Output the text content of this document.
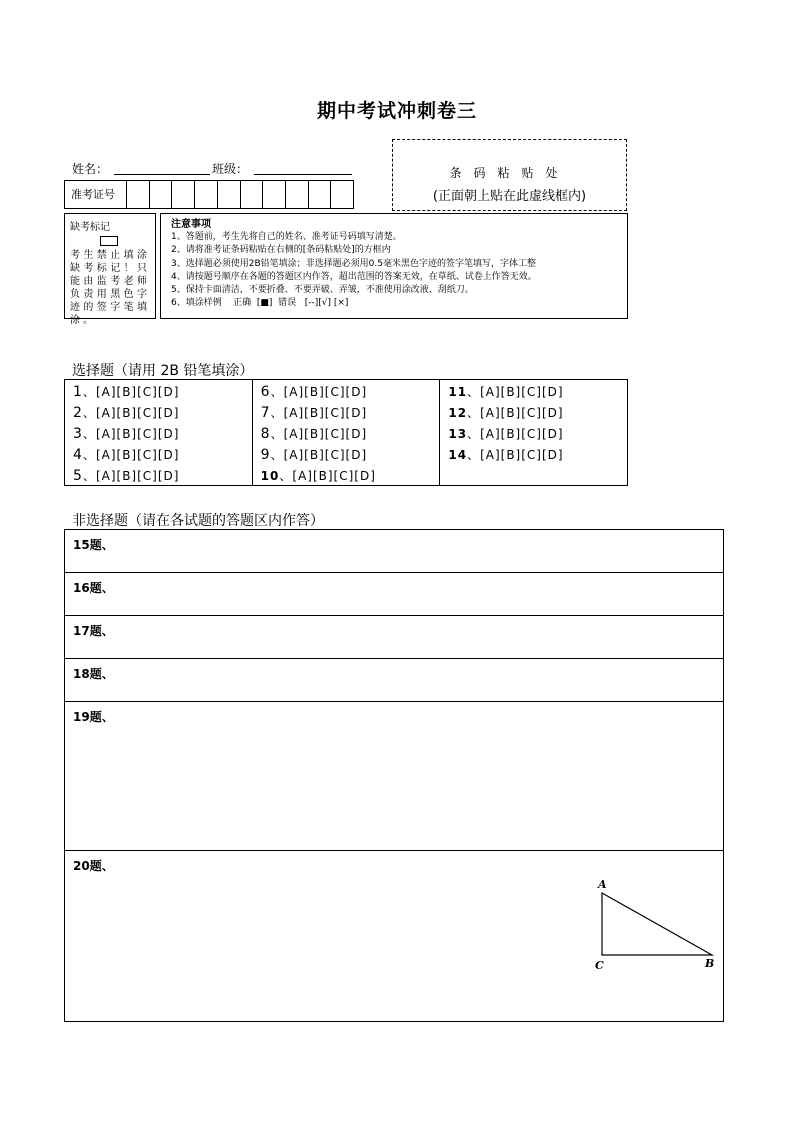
期中考试冲刺卷三
姓名：	班级：
准考证号
条码粘贴处
(正面朝上贴在此虚线框内)
缺考标记
考生禁止填涂缺考标记！只能由监考老师负责用黑色字迹的签字笔填涂。
注意事项
1、答题前，考生先将自己的姓名、准考证号码填写清楚。
2、请将准考证条码粘贴在右侧的[条码粘贴处]的方框内
3、选择题必须使用2B铅笔填涂；非选择题必须用0.5毫米黑色字迹的签字笔填写，字体工整
4、请按题号顺序在各题的答题区内作答，超出范围的答案无效，在草纸、试卷上作答无效。
5、保持卡面清洁，不要折叠、不要弄破、弄皱，不准使用涂改液、刮纸刀。
6、填涂样例    正确  [■]  错误   [--][√] [×]
选择题（请用 2B 铅笔填涂）
1、[A][B][C][D]
2、[A][B][C][D]
3、[A][B][C][D]
4、[A][B][C][D]
5、[A][B][C][D]
6、[A][B][C][D]
7、[A][B][C][D]
8、[A][B][C][D]
9、[A][B][C][D]
10、[A][B][C][D]
11、[A][B][C][D]
12、[A][B][C][D]
13、[A][B][C][D]
14、[A][B][C][D]
非选择题（请在各试题的答题区内作答）
15题、
16题、
17题、
18题、
19题、
20题、
A
C	B
